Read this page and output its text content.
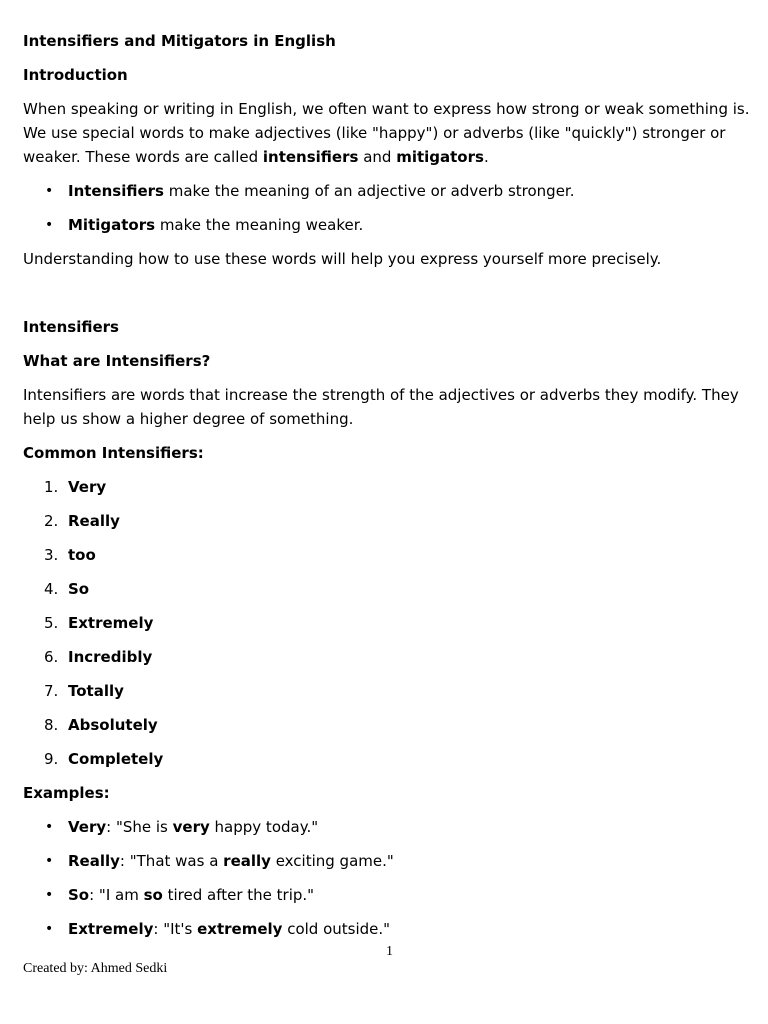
Intensifiers and Mitigators in English

Introduction

When speaking or writing in English, we often want to express how strong or weak something is. We use special words to make adjectives (like "happy") or adverbs (like "quickly") stronger or weaker. These words are called intensifiers and mitigators.

• Intensifiers make the meaning of an adjective or adverb stronger.
• Mitigators make the meaning weaker.

Understanding how to use these words will help you express yourself more precisely.

Intensifiers

What are Intensifiers?

Intensifiers are words that increase the strength of the adjectives or adverbs they modify. They help us show a higher degree of something.

Common Intensifiers:

1. Very
2. Really
3. too
4. So
5. Extremely
6. Incredibly
7. Totally
8. Absolutely
9. Completely

Examples:

• Very: "She is very happy today."
• Really: "That was a really exciting game."
• So: "I am so tired after the trip."
• Extremely: "It's extremely cold outside."
1
Created by: Ahmed Sedki
